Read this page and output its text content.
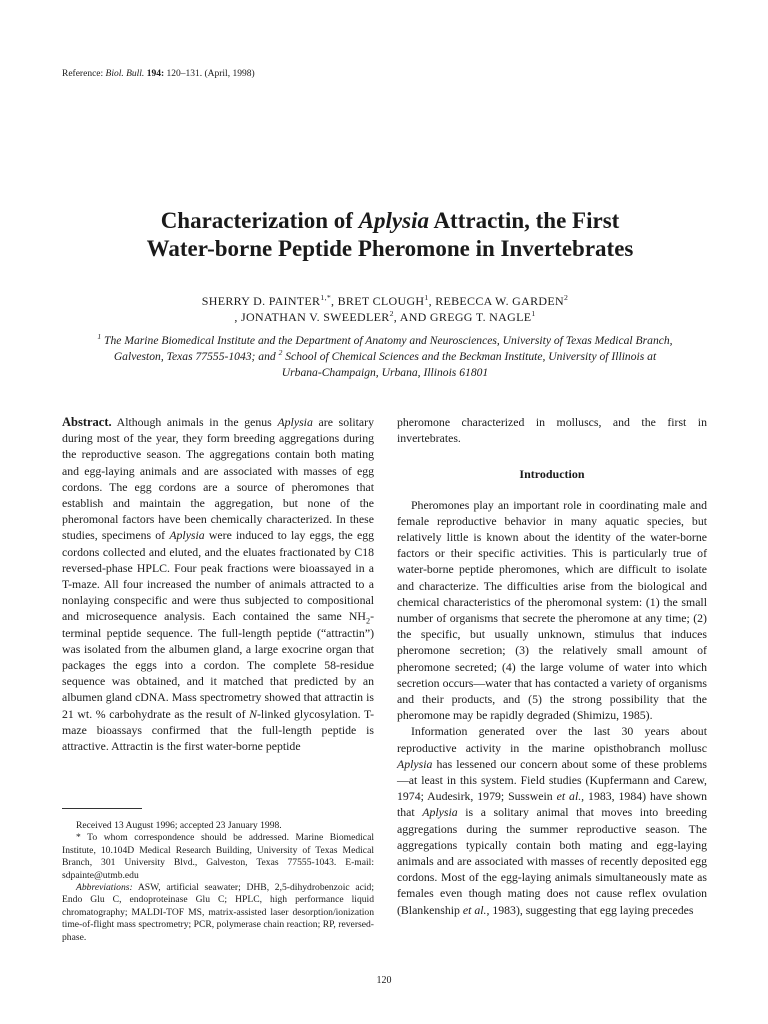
Reference: Biol. Bull. 194: 120–131. (April, 1998)
Characterization of Aplysia Attractin, the First
Water-borne Peptide Pheromone in Invertebrates
SHERRY D. $PAINTER^{1,*}$, BRET CLOUGH$^1$, REBECCA W. GARDEN$^2$
, JONATHAN V. SWEEDLER$^2$, AND GREGG T. NAGLE$^1$
$^1$ The Marine Biomedical Institute and the Department of Anatomy and Neurosciences, University of Texas Medical Branch, Galveston, Texas 77555-1043; and $^2$ School of Chemical Sciences and the Beckman Institute, University of Illinois at Urbana-Champaign, Urbana, Illinois 61801

Abstract. Although animals in the genus Aplysia are solitary during most of the year, they form breeding aggregations during the reproductive season. The aggregations contain both mating and egg-laying animals and are associated with masses of egg cordons. The egg cordons are a source of pheromones that establish and maintain the aggregation, but none of the pheromonal factors have been chemically characterized. In these studies, specimens of Aplysia were induced to lay eggs, the egg cordons collected and eluted, and the eluates fractionated by C18 reversed-phase HPLC. Four peak fractions were bioassayed in a T-maze. All four increased the number of animals attracted to a nonlaying conspecific and were thus subjected to compositional and microsequence analysis. Each contained the same $NH_2$-terminal peptide sequence. The full-length peptide (“attractin”) was isolated from the albumen gland, a large exocrine organ that packages the eggs into a cordon. The complete 58-residue sequence was obtained, and it matched that predicted by an albumen gland cDNA. Mass spectrometry showed that attractin is 21 wt. % carbohydrate as the result of N-linked glycosylation. T-maze bioassays confirmed that the full-length peptide is attractive. Attractin is the first water-borne peptide

Received 13 August 1996; accepted 23 January 1998.

* To whom correspondence should be addressed. Marine Biomedical Institute, 10.104D Medical Research Building, University of Texas Medical Branch, 301 University Blvd., Galveston, Texas 77555-1043. E-mail: sdpainte@utmb.edu

Abbreviations: ASW, artificial seawater; DHB, 2,5-dihydrobenzoic acid; Endo Glu C, endoproteinase Glu C; HPLC, high performance liquid chromatography; MALDI-TOF MS, matrix-assisted laser desorption/ionization time-of-flight mass spectrometry; PCR, polymerase chain reaction; RP, reversed-phase.

pheromone characterized in molluscs, and the first in invertebrates.

Introduction

Pheromones play an important role in coordinating male and female reproductive behavior in many aquatic species, but relatively little is known about the identity of the water-borne factors or their specific activities. This is particularly true of water-borne peptide pheromones, which are difficult to isolate and characterize. The difficulties arise from the biological and chemical characteristics of the pheromonal system: (1) the small number of organisms that secrete the pheromone at any time; (2) the specific, but usually unknown, stimulus that induces pheromone secretion; (3) the relatively small amount of pheromone secreted; (4) the large volume of water into which secretion occurs—water that has contacted a variety of organisms and their products, and (5) the strong possibility that the pheromone may be rapidly degraded (Shimizu, 1985).

Information generated over the last 30 years about reproductive activity in the marine opisthobranch mollusc Aplysia has lessened our concern about some of these problems—at least in this system. Field studies (Kupfermann and Carew, 1974; Audesirk, 1979; Susswein et al., 1983, 1984) have shown that Aplysia is a solitary animal that moves into breeding aggregations during the summer reproductive season. The aggregations typically contain both mating and egg-laying animals and are associated with masses of recently deposited egg cordons. Most of the egg-laying animals simultaneously mate as females even though mating does not cause reflex ovulation (Blankenship et al., 1983), suggesting that egg laying precedes

120
